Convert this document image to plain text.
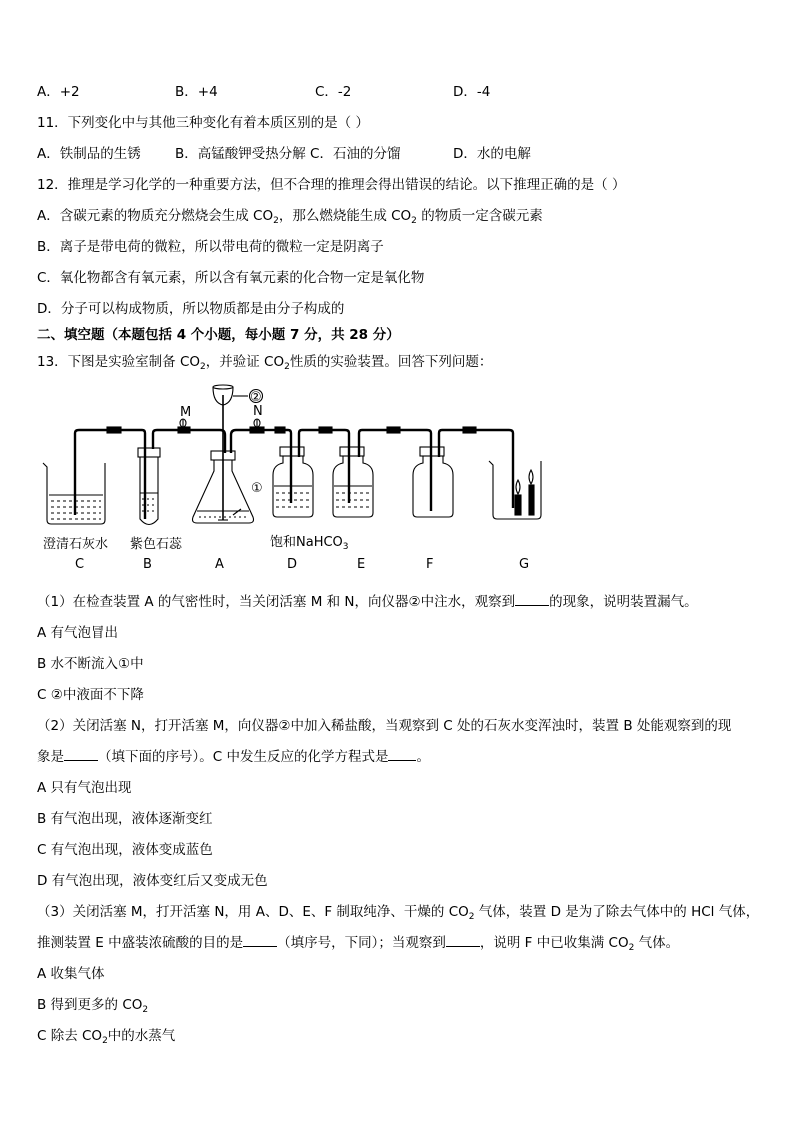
A．+2	B．+4	C．-2	D．-4
11．下列变化中与其他三种变化有着本质区别的是（ ）
A．铁制品的生锈	B．高锰酸钾受热分解 C．石油的分馏	D．水的电解
12．推理是学习化学的一种重要方法，但不合理的推理会得出错误的结论。以下推理正确的是（ ）
A．含碳元素的物质充分燃烧会生成 $CO_2$，那么燃烧能生成 $CO_2$ 的物质一定含碳元素
B．离子是带电荷的微粒，所以带电荷的微粒一定是阴离子
C．氧化物都含有氧元素，所以含有氧元素的化合物一定是氧化物
D．分子可以构成物质，所以物质都是由分子构成的
二、填空题（本题包括 4 个小题，每小题 7 分，共 28 分）
13．下图是实验室制备 $CO_2$，并验证 $CO_2$性质的实验装置。回答下列问题：
②
M	N
①
澄清石灰水 紫色石蕊	饱和NaHCO$_3$
C	B	A	D	E	F	G
（1）在检查装置 A 的气密性时，当关闭活塞 M 和 N，向仪器②中注水，观察到	的现象，说明装置漏气。
A 有气泡冒出
B 水不断流入①中
C ②中液面不下降
（2）关闭活塞 N，打开活塞 M，向仪器②中加入稀盐酸，当观察到 C 处的石灰水变浑浊时，装置 B 处能观察到的现
象是	（填下面的序号）。C 中发生反应的化学方程式是 。
A 只有气泡出现
B 有气泡出现，液体逐渐变红
C 有气泡出现，液体变成蓝色
D 有气泡出现，液体变红后又变成无色
（3）关闭活塞 M，打开活塞 N，用 A、D、E、F 制取纯净、干燥的 $CO_2$ 气体，装置 D 是为了除去气体中的 HCl 气体，
推测装置 E 中盛装浓硫酸的目的是	（填序号，下同）；当观察到	，说明 F 中已收集满 $CO_2$ 气体。
A 收集气体
B 得到更多的 $CO_2$
C 除去 $CO_2$中的水蒸气
